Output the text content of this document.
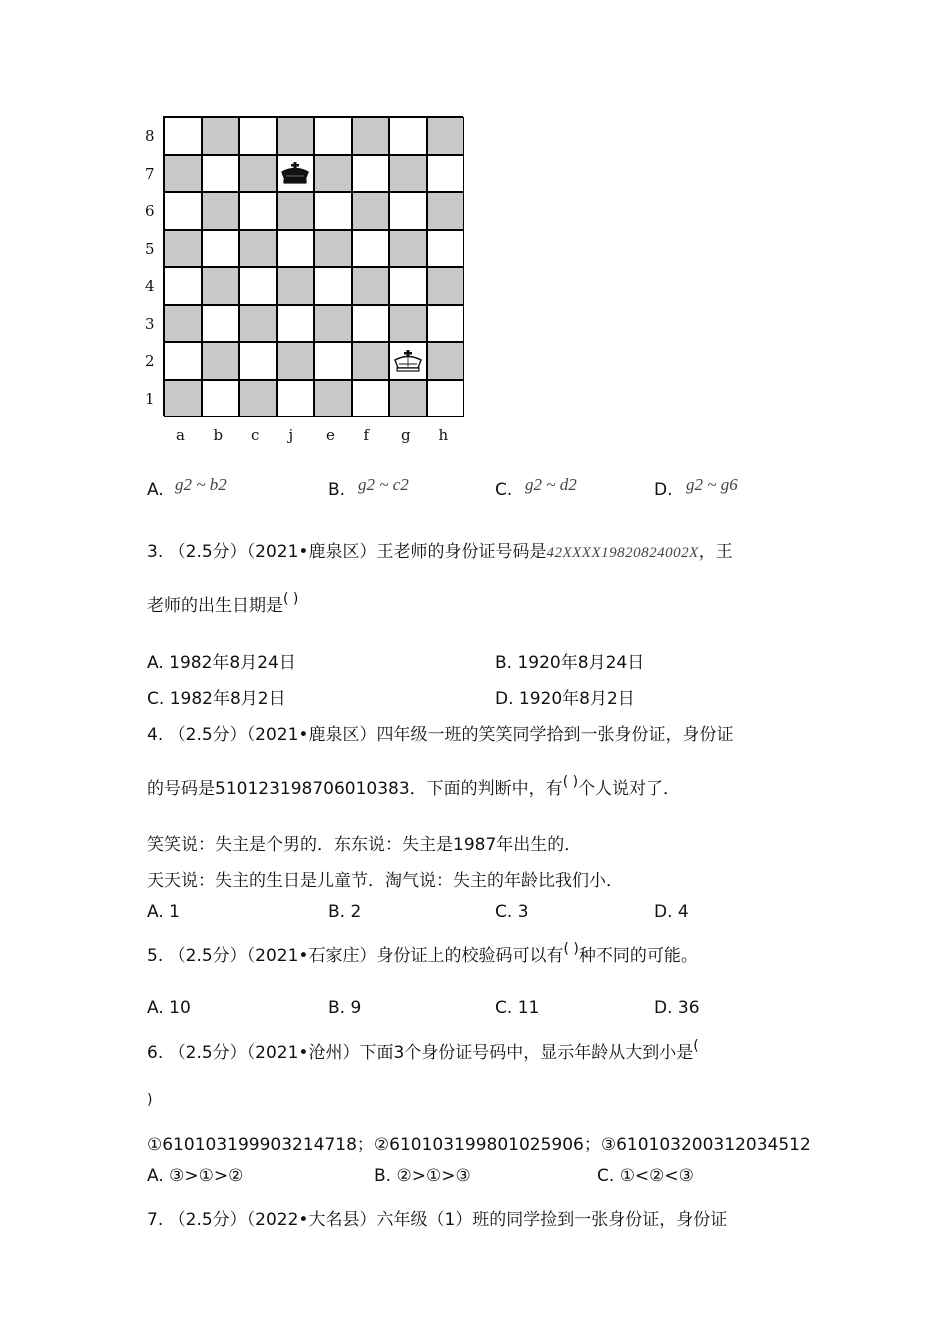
8
7
6
5
4
3
2
1
a b c j e f g h
A. g2 ~ b2	B. g2 ~ c2	C. g2 ~ d2	D. g2 ~ g6
3. （2.5分）（2021•鹿泉区）王老师的身份证号码是42XXXX19820824002X，王
老师的出生日期是( )
A. 1982年8月24日	B. 1920年8月24日
C. 1982年8月2日	D. 1920年8月2日
4. （2.5分）（2021•鹿泉区）四年级一班的笑笑同学拾到一张身份证，身份证
的号码是510123198706010383．下面的判断中，有( )个人说对了．
笑笑说：失主是个男的．东东说：失主是1987年出生的．
天天说：失主的生日是儿童节．淘气说：失主的年龄比我们小．
A. 1	B. 2	C. 3	D. 4
5. （2.5分）（2021•石家庄）身份证上的校验码可以有( )种不同的可能。
A. 10	B. 9	C. 11	D. 36
6. （2.5分）（2021•沧州）下面3个身份证号码中，显示年龄从大到小是(
)
①610103199903214718；②610103199801025906；③610103200312034512
A. ③>①>②	B. ②>①>③	C. ①<②<③
7. （2.5分）（2022•大名县）六年级（1）班的同学捡到一张身份证，身份证
